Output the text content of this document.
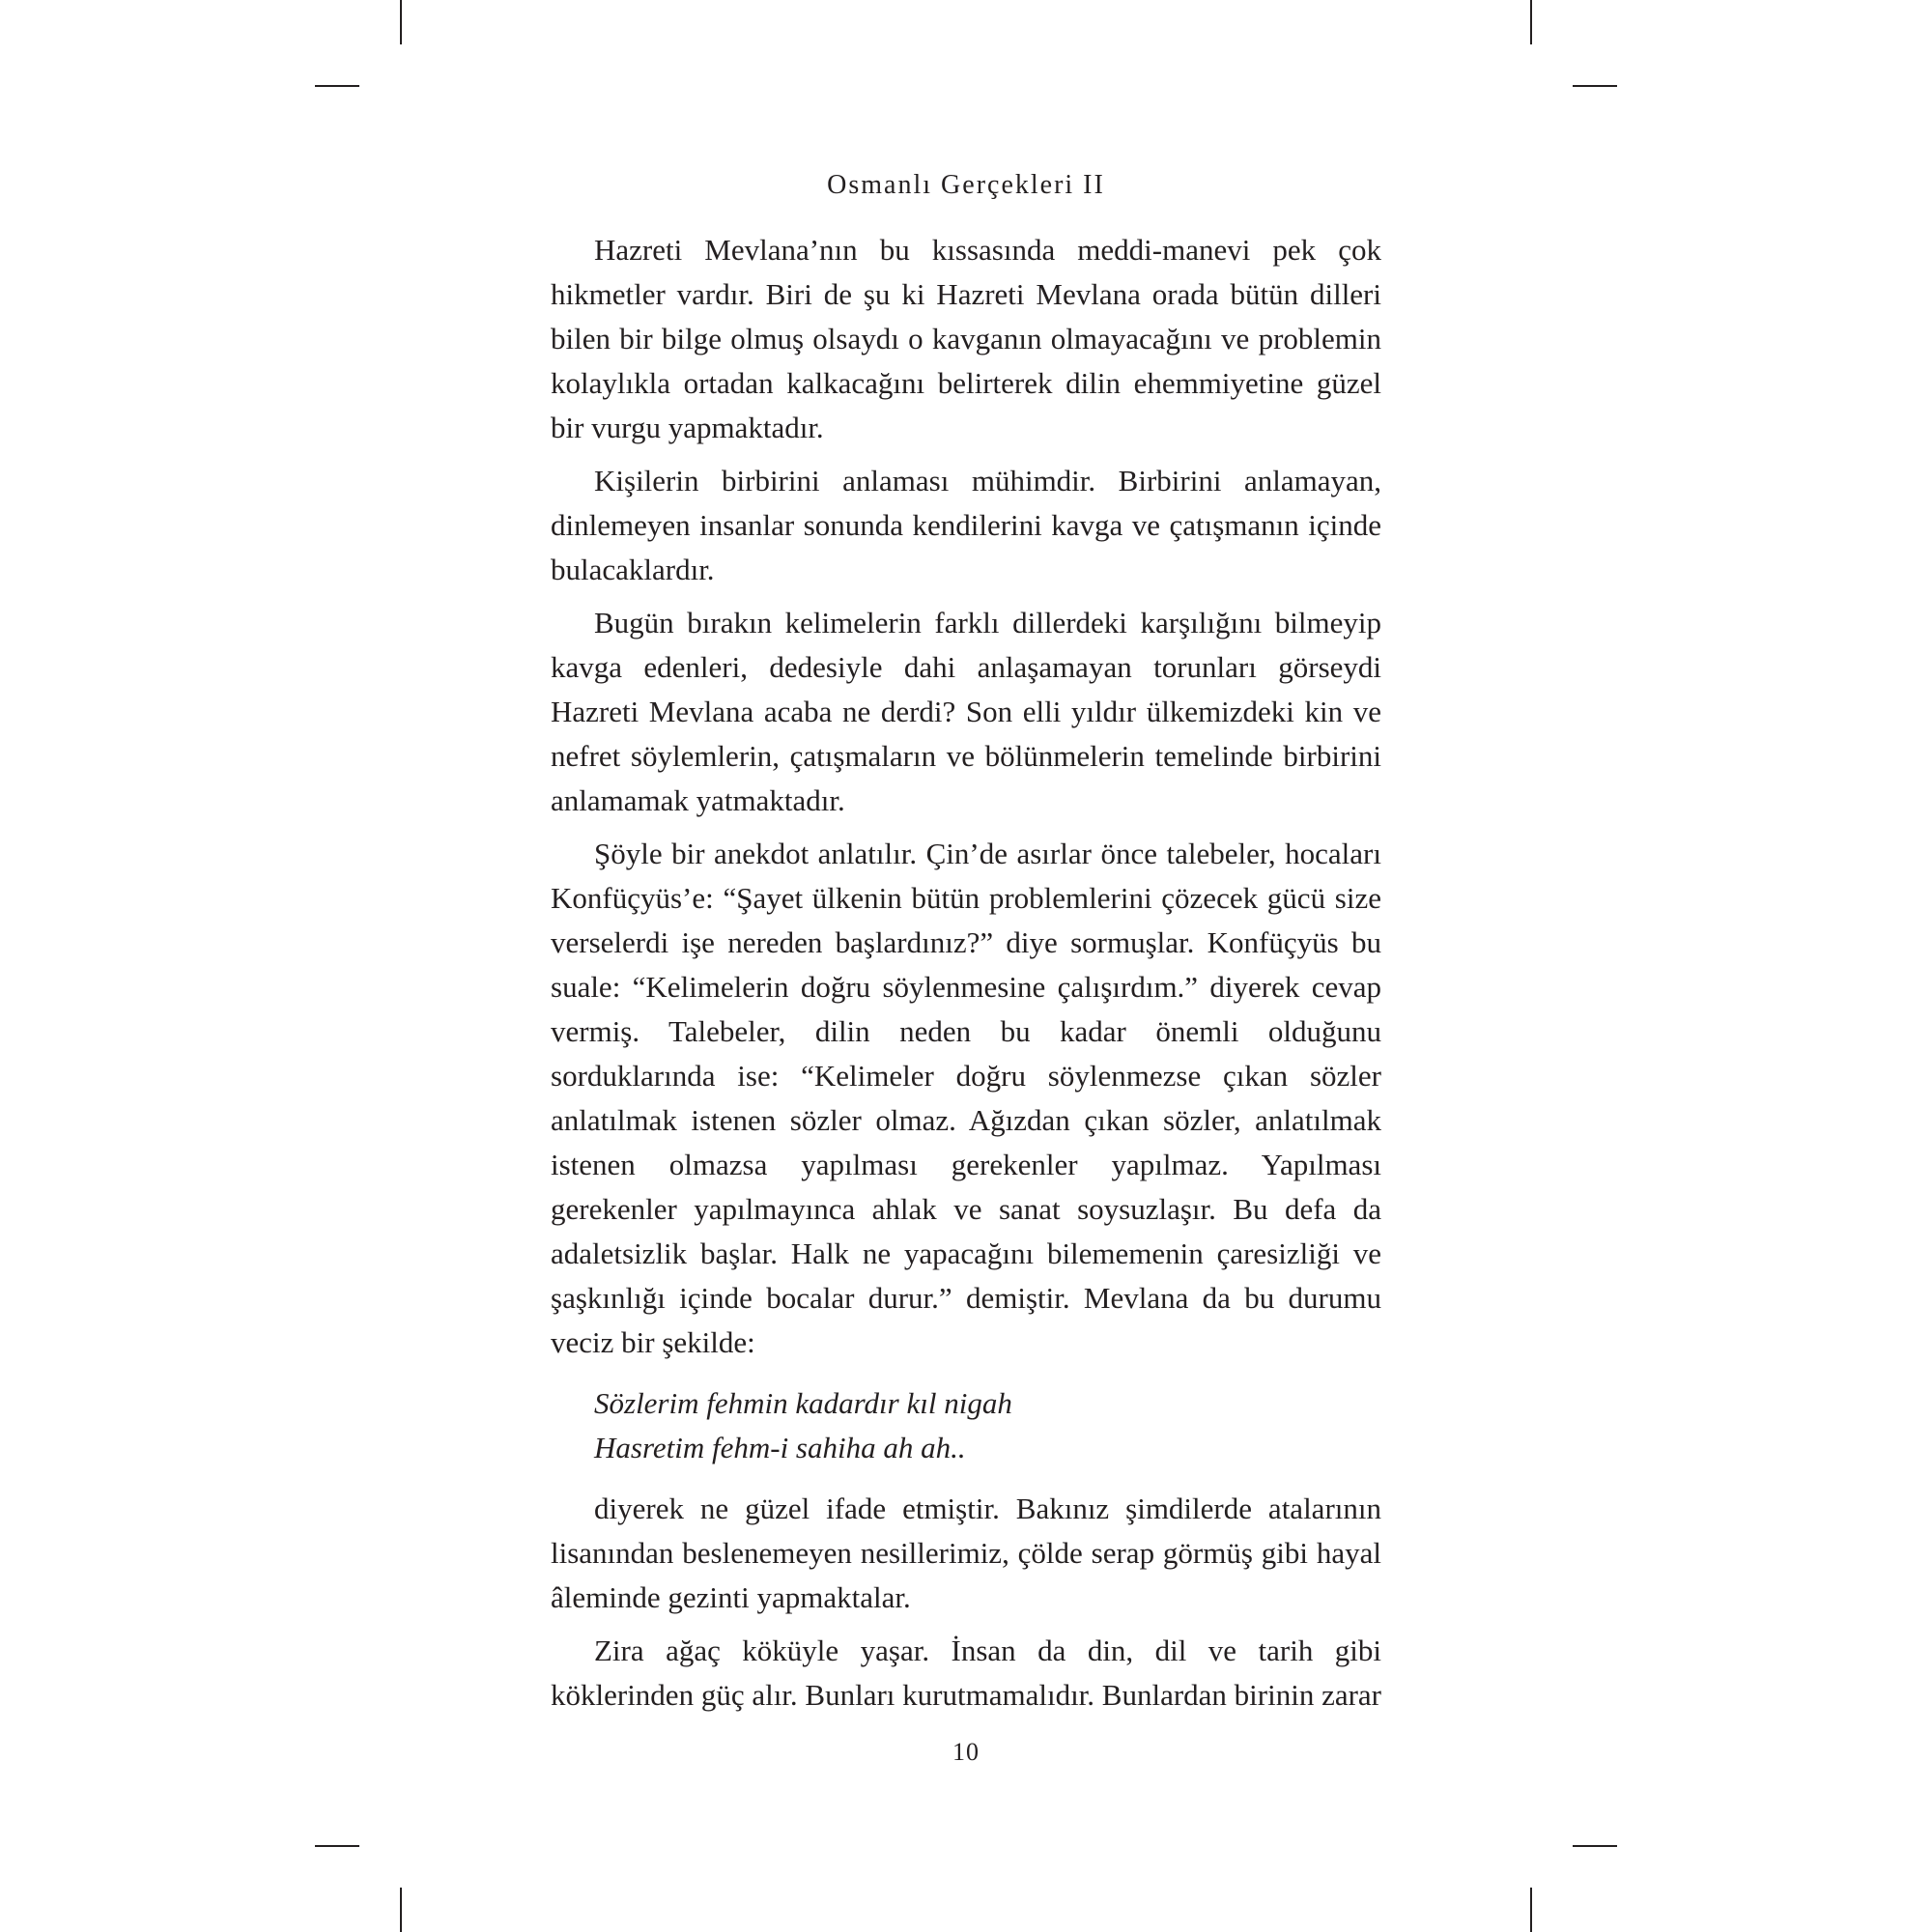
Osmanlı Gerçekleri II

Hazreti Mevlana’nın bu kıssasında meddi-manevi pek çok hikmetler vardır. Biri de şu ki Hazreti Mevlana orada bütün dilleri bilen bir bilge olmuş olsaydı o kavganın olmayacağını ve problemin kolaylıkla ortadan kalkacağını belirterek dilin ehemmiyetine güzel bir vurgu yapmaktadır.

Kişilerin birbirini anlaması mühimdir. Birbirini anlamayan, dinlemeyen insanlar sonunda kendilerini kavga ve çatışmanın içinde bulacaklardır.

Bugün bırakın kelimelerin farklı dillerdeki karşılığını bilmeyip kavga edenleri, dedesiyle dahi anlaşamayan torunları görseydi Hazreti Mevlana acaba ne derdi? Son elli yıldır ülkemizdeki kin ve nefret söylemlerin, çatışmaların ve bölünmelerin temelinde birbirini anlamamak yatmaktadır.

Şöyle bir anekdot anlatılır. Çin’de asırlar önce talebeler, hocaları Konfüçyüs’e: “Şayet ülkenin bütün problemlerini çözecek gücü size verselerdi işe nereden başlardınız?” diye sormuşlar. Konfüçyüs bu suale: “Kelimelerin doğru söylenmesine çalışırdım.” diyerek cevap vermiş. Talebeler, dilin neden bu kadar önemli olduğunu sorduklarında ise: “Kelimeler doğru söylenmezse çıkan sözler anlatılmak istenen sözler olmaz. Ağızdan çıkan sözler, anlatılmak istenen olmazsa yapılması gerekenler yapılmaz. Yapılması gerekenler yapılmayınca ahlak ve sanat soysuzlaşır. Bu defa da adaletsizlik başlar. Halk ne yapacağını bilememenin çaresizliği ve şaşkınlığı içinde bocalar durur.” demiştir. Mevlana da bu durumu veciz bir şekilde:

Sözlerim fehmin kadardır kıl nigah
Hasretim fehm-i sahiha ah ah..

diyerek ne güzel ifade etmiştir. Bakınız şimdilerde atalarının lisanından beslenemeyen nesillerimiz, çölde serap görmüş gibi hayal âleminde gezinti yapmaktalar.

Zira ağaç köküyle yaşar. İnsan da din, dil ve tarih gibi köklerinden güç alır. Bunları kurutmamalıdır. Bunlardan birinin zarar

10
